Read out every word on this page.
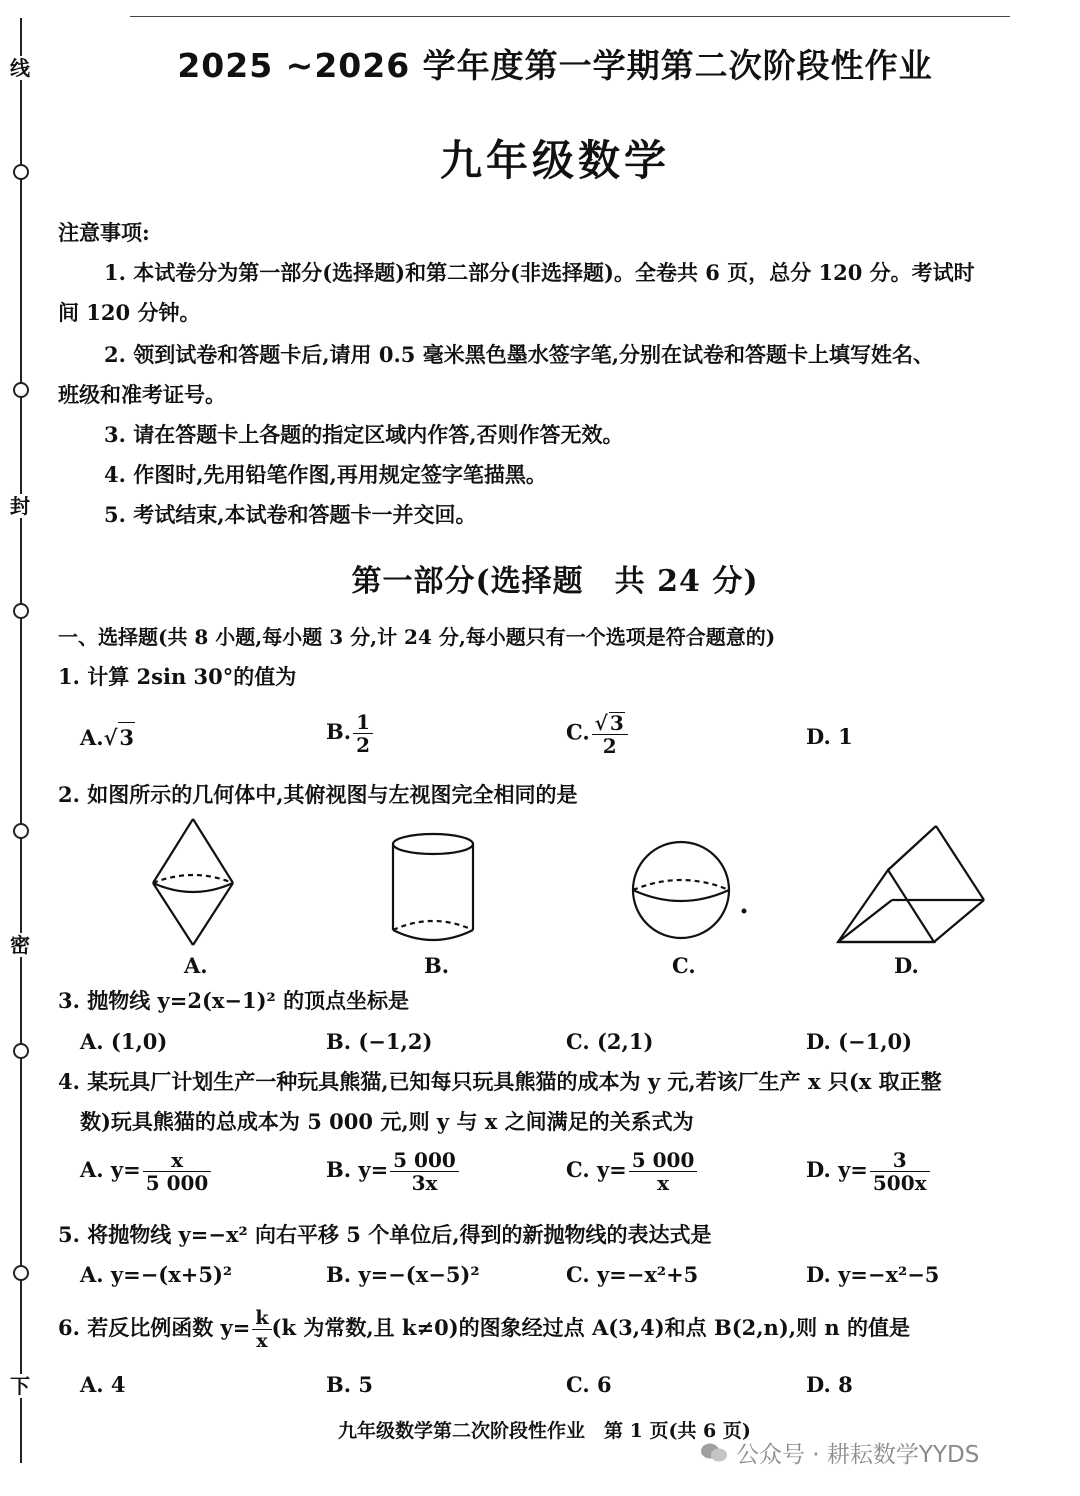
线
封
密
下
2025 ~2026 学年度第一学期第二次阶段性作业
九年级数学
注意事项:
1. 本试卷分为第一部分(选择题)和第二部分(非选择题)。全卷共 6 页，总分 120 分。考试时
间 120 分钟。
2. 领到试卷和答题卡后,请用 0.5 毫米黑色墨水签字笔,分别在试卷和答题卡上填写姓名、
班级和准考证号。
3. 请在答题卡上各题的指定区域内作答,否则作答无效。
4. 作图时,先用铅笔作图,再用规定签字笔描黑。
5. 考试结束,本试卷和答题卡一并交回。
第一部分(选择题　共 24 分)
一、选择题(共 8 小题,每小题 3 分,计 24 分,每小题只有一个选项是符合题意的)
1. 计算 2sin 30°的值为
A.√3	B. $\frac{1}{2}$	C. $\frac{√ 3}{2}$	D. 1
2. 如图所示的几何体中,其俯视图与左视图完全相同的是
A.	B.	C.	D.
3. 抛物线 y=2(x−1)² 的顶点坐标是
A. (1,0)	B. (−1,2)	C. (2,1)	D. (−1,0)
4. 某玩具厂计划生产一种玩具熊猫,已知每只玩具熊猫的成本为 y 元,若该厂生产 x 只(x 取正整
数)玩具熊猫的总成本为 5 000 元,则 y 与 x 之间满足的关系式为
A. $y= \frac{x}{5 000}$	B. $y= \frac{5 000}{3x}$	C. $y= \frac{5 000}{x}$	D. $y= \frac{3}{500x}$
5. 将抛物线 y=−x² 向右平移 5 个单位后,得到的新抛物线的表达式是
A. y=−(x+5)²	B. y=−(x−5)²	C. y=−x²+5	D. y=−x²−5
6. 若反比例函数 $y= \frac{k}{x} (k$ 为常数,且 k≠0)的图象经过点 A(3,4)和点 B(2,n),则 n 的值是
A. 4	B. 5	C. 6	D. 8
九年级数学第二次阶段性作业　第 1 页(共 6 页)
公众号 · 耕耘数学YYDS
